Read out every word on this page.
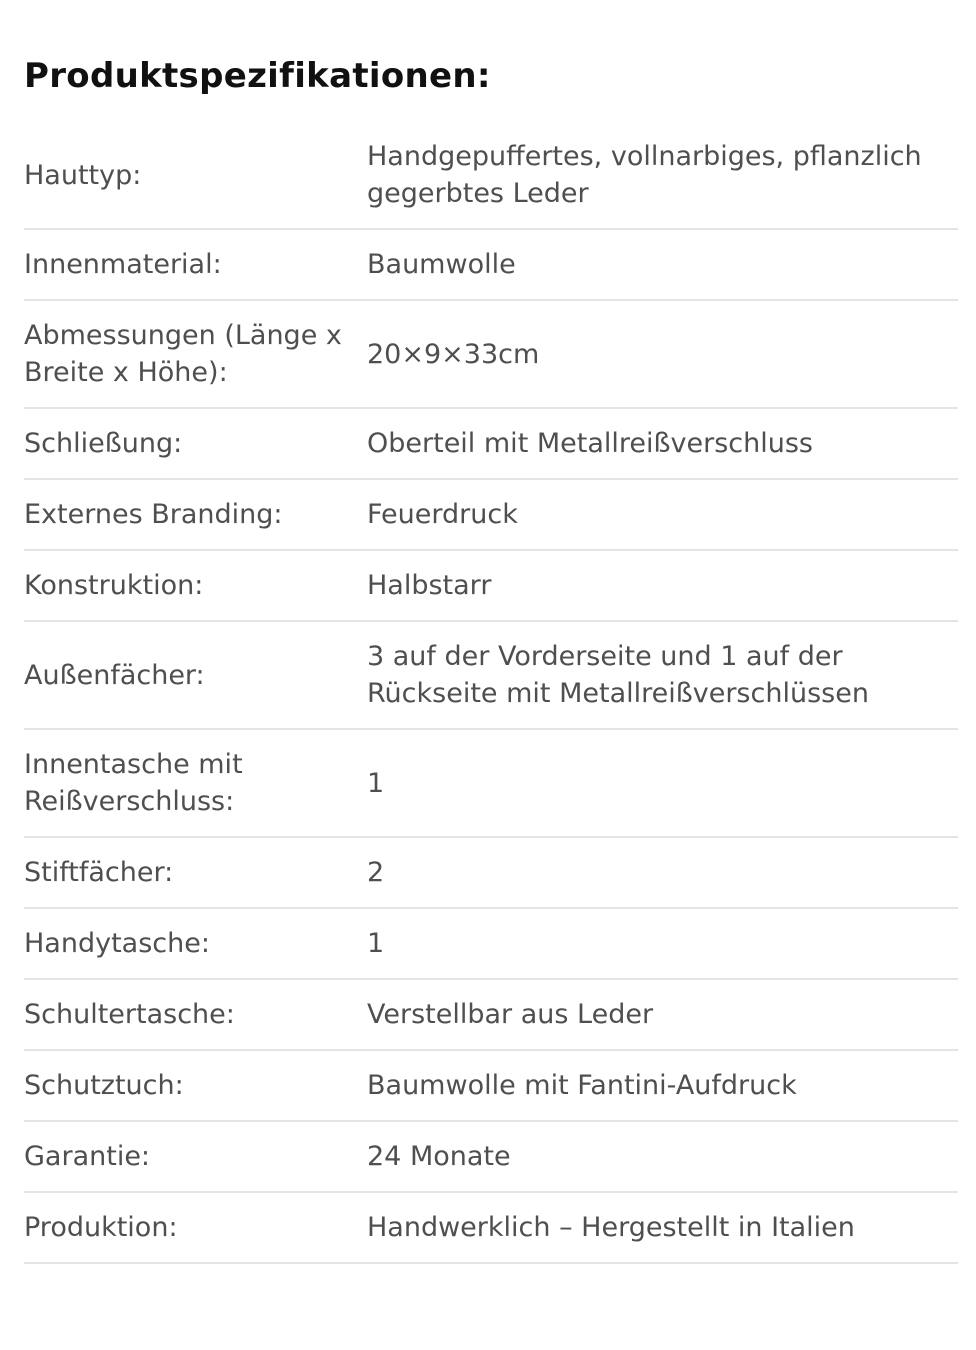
Produktspezifikationen:
Hauttyp:	Handgepuffertes, vollnarbiges, pflanzlich gegerbtes Leder
Innenmaterial:	Baumwolle
Abmessungen (Länge x Breite x Höhe):	20×9×33cm
Schließung:	Oberteil mit Metallreißverschluss
Externes Branding:	Feuerdruck
Konstruktion:	Halbstarr
Außenfächer:	3 auf der Vorderseite und 1 auf der Rückseite mit Metallreißverschlüssen
Innentasche mit Reißverschluss:	1
Stiftfächer:	2
Handytasche:	1
Schultertasche:	Verstellbar aus Leder
Schutztuch:	Baumwolle mit Fantini-Aufdruck
Garantie:	24 Monate
Produktion:	Handwerklich – Hergestellt in Italien
